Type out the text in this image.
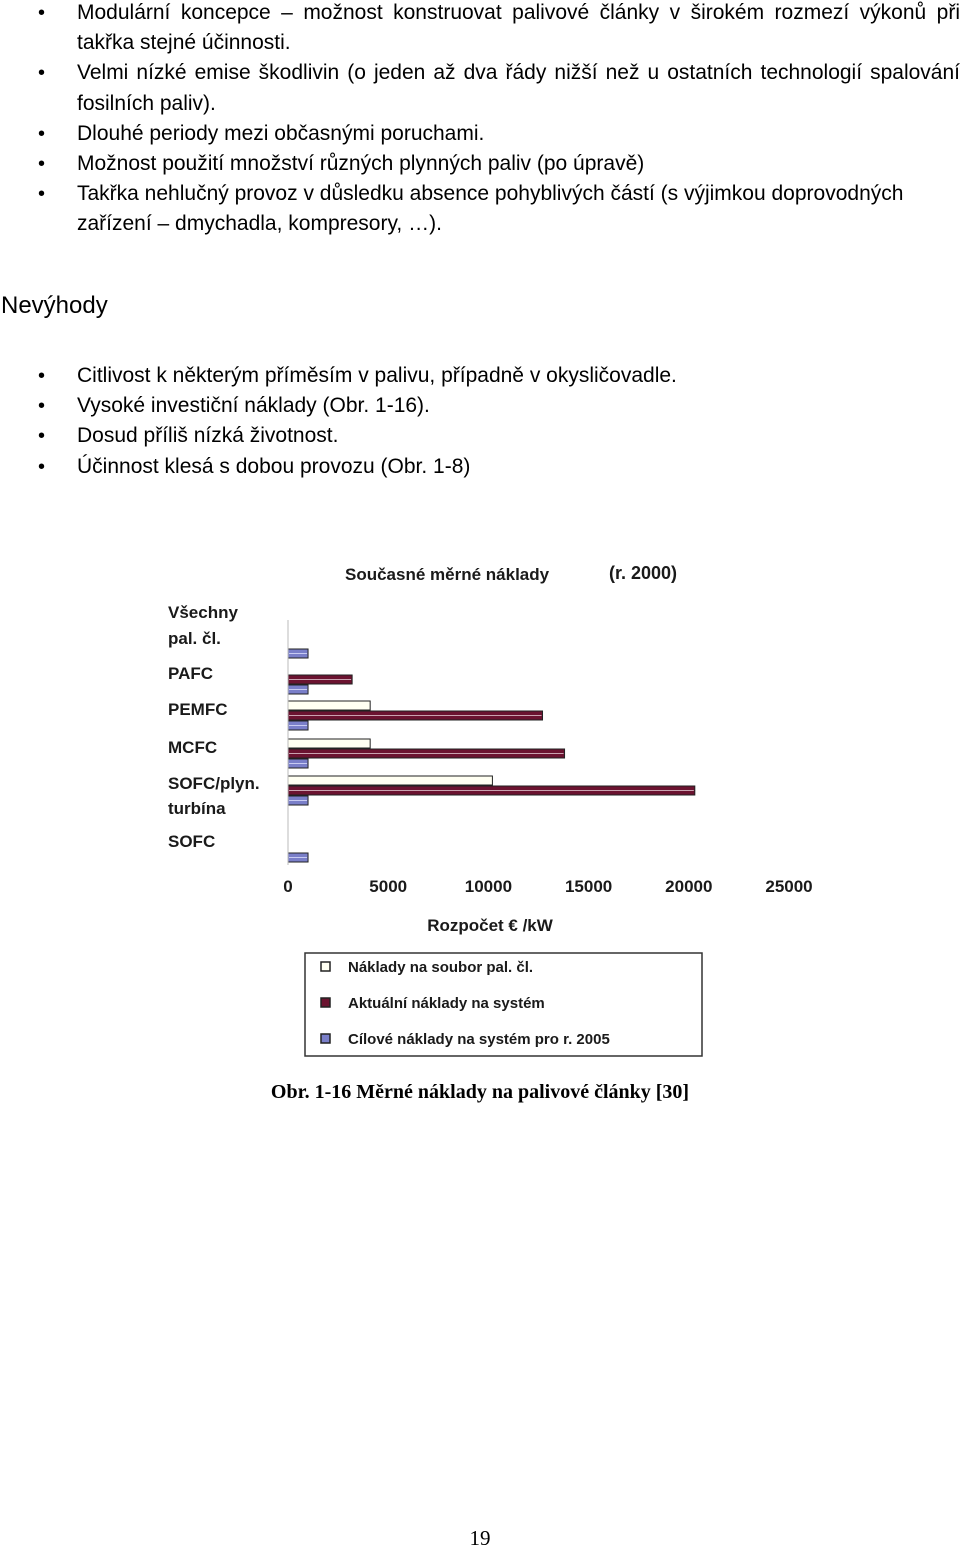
• Modulární koncepce – možnost konstruovat palivové články v širokém rozmezí výkonů při takřka stejné účinnosti.
• Velmi nízké emise škodlivin (o jeden až dva řády nižší než u ostatních technologií spalování fosilních paliv).
• Dlouhé periody mezi občasnými poruchami.
• Možnost použití množství různých plynných paliv (po úpravě)
• Takřka nehlučný provoz v důsledku absence pohyblivých částí (s výjimkou doprovodných zařízení – dmychadla, kompresory, …).
Nevýhody
• Citlivost k některým příměsím v palivu, případně v okysličovadle.
• Vysoké investiční náklady (Obr. 1-16).
• Dosud příliš nízká životnost.
• Účinnost klesá s dobou provozu (Obr. 1-8)
Současné měrné náklady	(r. 2000)
Všechny
pal. čl.
PAFC
PEMFC
MCFC
SOFC/plyn.
turbína
SOFC
0	5000	10000	15000	20000	25000
Rozpočet € /kW
Náklady na soubor pal. čl.
Aktuální náklady na systém
Cílové náklady na systém pro r. 2005
Obr. 1-16 Měrné náklady na palivové články [30]
19
